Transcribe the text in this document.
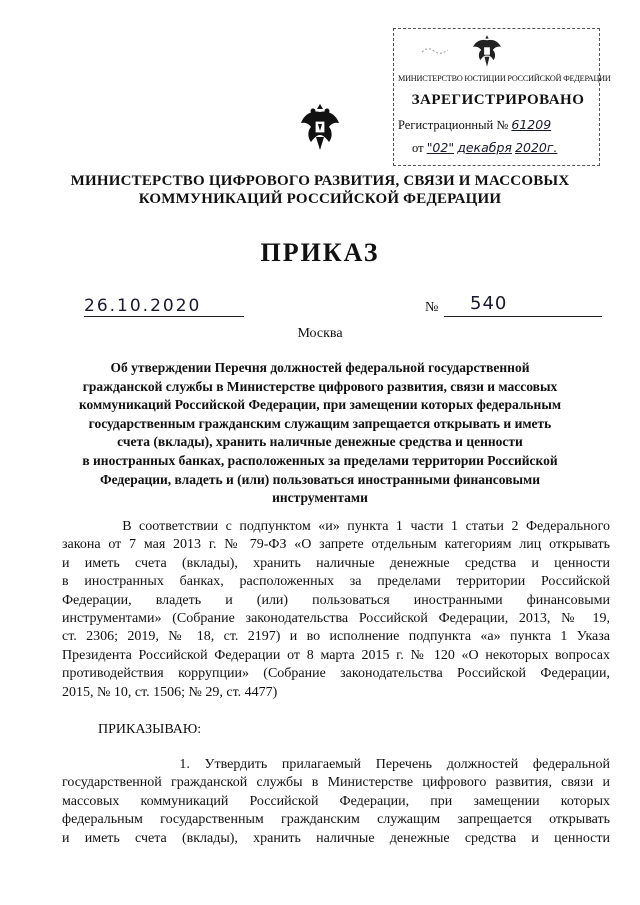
МИНИСТЕРСТВО ЮСТИЦИИ РОССИЙСКОЙ ФЕДЕРАЦИИ
ЗАРЕГИСТРИРОВАНО
Регистрационный № 61209
от "02" декабря 2020г.
МИНИСТЕРСТВО ЦИФРОВОГО РАЗВИТИЯ, СВЯЗИ И МАССОВЫХ
КОММУНИКАЦИЙ РОССИЙСКОЙ ФЕДЕРАЦИИ
ПРИКАЗ
26.10.2020	№ 540
Москва
Об утверждении Перечня должностей федеральной государственной
гражданской службы в Министерстве цифрового развития, связи и массовых
коммуникаций Российской Федерации, при замещении которых федеральным
государственным гражданским служащим запрещается открывать и иметь
счета (вклады), хранить наличные денежные средства и ценности
в иностранных банках, расположенных за пределами территории Российской
Федерации, владеть и (или) пользоваться иностранными финансовыми
инструментами
В соответствии с подпунктом «и» пункта 1 части 1 статьи 2 Федерального
закона от 7 мая 2013 г. № 79-ФЗ «О запрете отдельным категориям лиц открывать
и иметь счета (вклады), хранить наличные денежные средства и ценности
в иностранных банках, расположенных за пределами территории Российской
Федерации, владеть и (или) пользоваться иностранными финансовыми
инструментами» (Собрание законодательства Российской Федерации, 2013, № 19,
ст. 2306; 2019, № 18, ст. 2197) и во исполнение подпункта «а» пункта 1 Указа
Президента Российской Федерации от 8 марта 2015 г. № 120 «О некоторых вопросах
противодействия коррупции» (Собрание законодательства Российской Федерации,
2015, № 10, ст. 1506; № 29, ст. 4477)
ПРИКАЗЫВАЮ:
1. Утвердить прилагаемый Перечень должностей федеральной
государственной гражданской службы в Министерстве цифрового развития, связи и
массовых коммуникаций Российской Федерации, при замещении которых
федеральным государственным гражданским служащим запрещается открывать
и иметь счета (вклады), хранить наличные денежные средства и ценности
